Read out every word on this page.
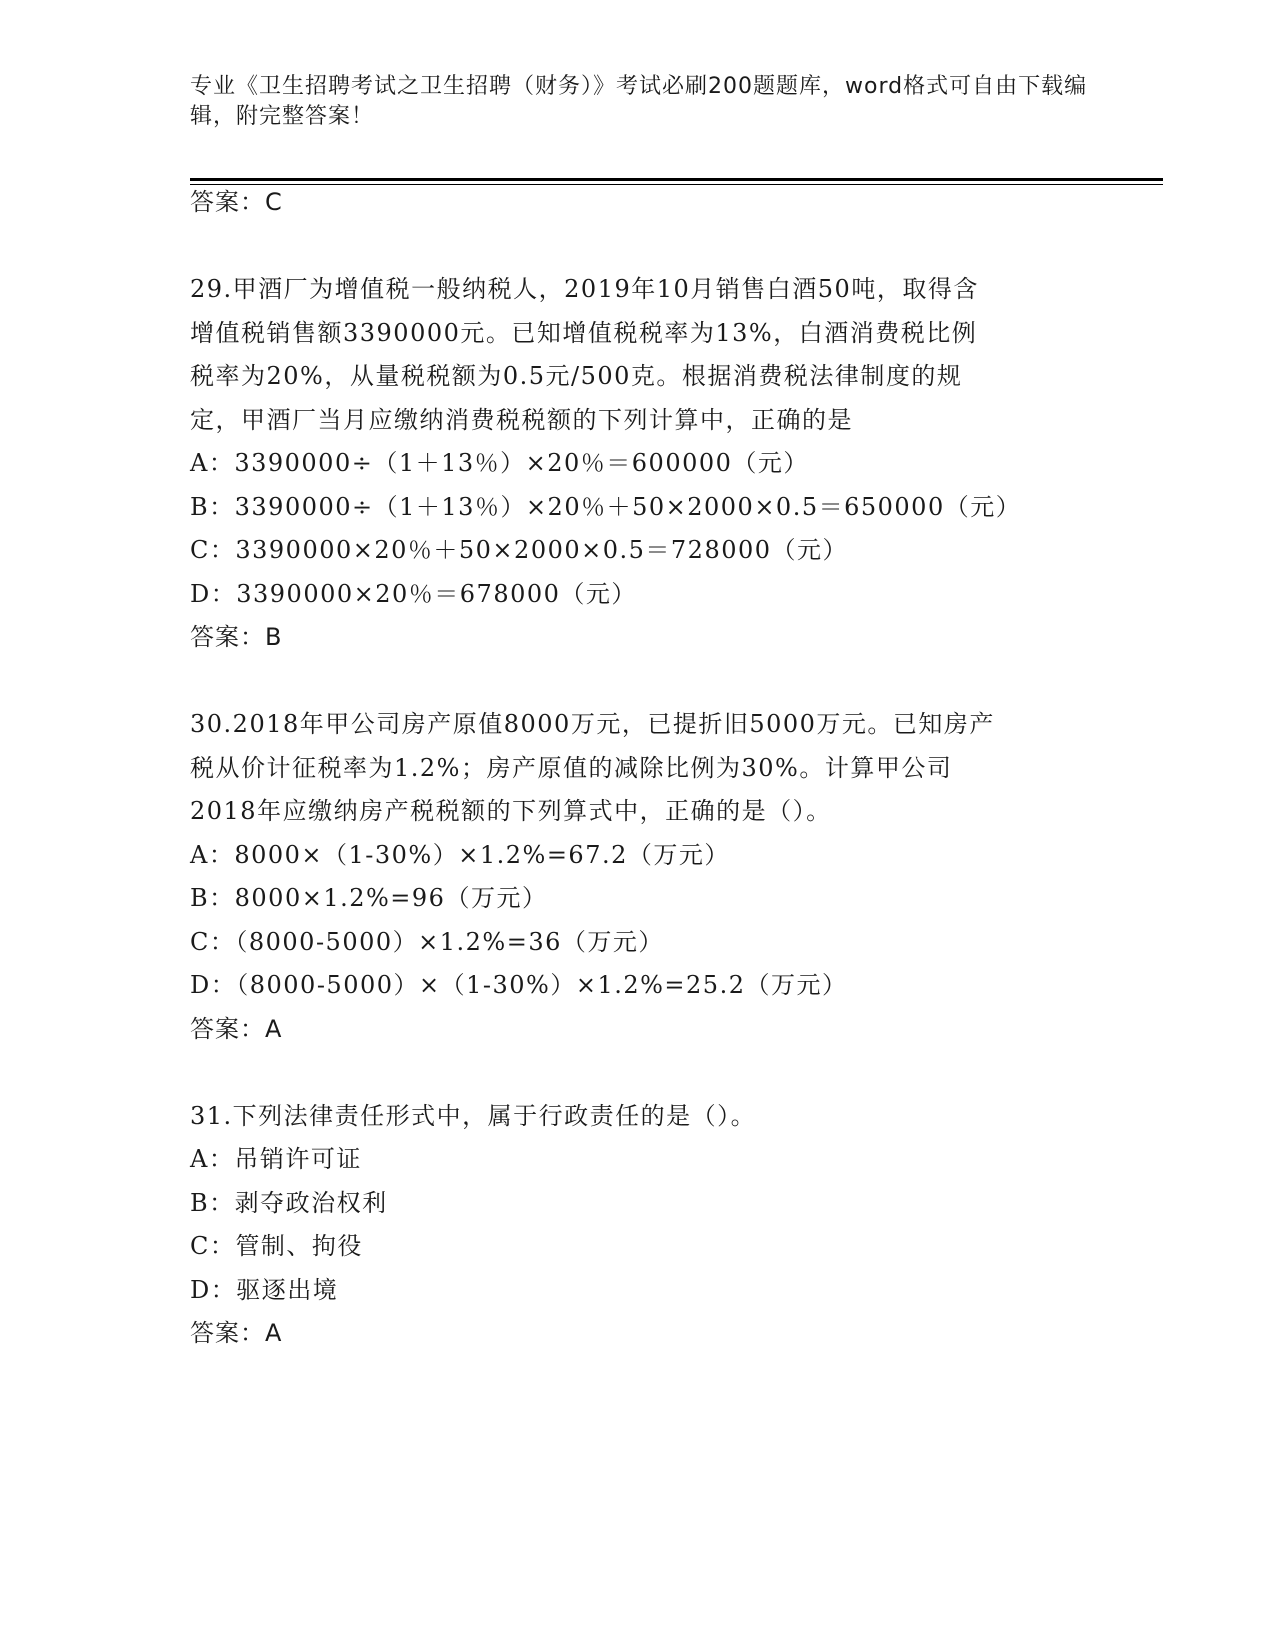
专业《卫生招聘考试之卫生招聘（财务）》考试必刷200题题库，word格式可自由下载编辑，附完整答案！
答案：C
29.甲酒厂为增值税一般纳税人，2019年10月销售白酒50吨，取得含
增值税销售额3390000元。已知增值税税率为13%，白酒消费税比例
税率为20%，从量税税额为0.5元/500克。根据消费税法律制度的规
定，甲酒厂当月应缴纳消费税税额的下列计算中，正确的是
A：3390000÷（1＋13％）×20％＝600000（元）
B：3390000÷（1＋13％）×20％＋50×2000×0.5＝650000（元）
C：3390000×20％＋50×2000×0.5＝728000（元）
D：3390000×20％＝678000（元）
答案：B
30.2018年甲公司房产原值8000万元，已提折旧5000万元。已知房产
税从价计征税率为1.2%；房产原值的减除比例为30%。计算甲公司
2018年应缴纳房产税税额的下列算式中，正确的是（）。
A：8000×（1-30%）×1.2%=67.2（万元）
B：8000×1.2%=96（万元）
C：（8000-5000）×1.2%=36（万元）
D：（8000-5000）×（1-30%）×1.2%=25.2（万元）
答案：A
31.下列法律责任形式中，属于行政责任的是（）。
A：吊销许可证
B：剥夺政治权利
C：管制、拘役
D：驱逐出境
答案：A
